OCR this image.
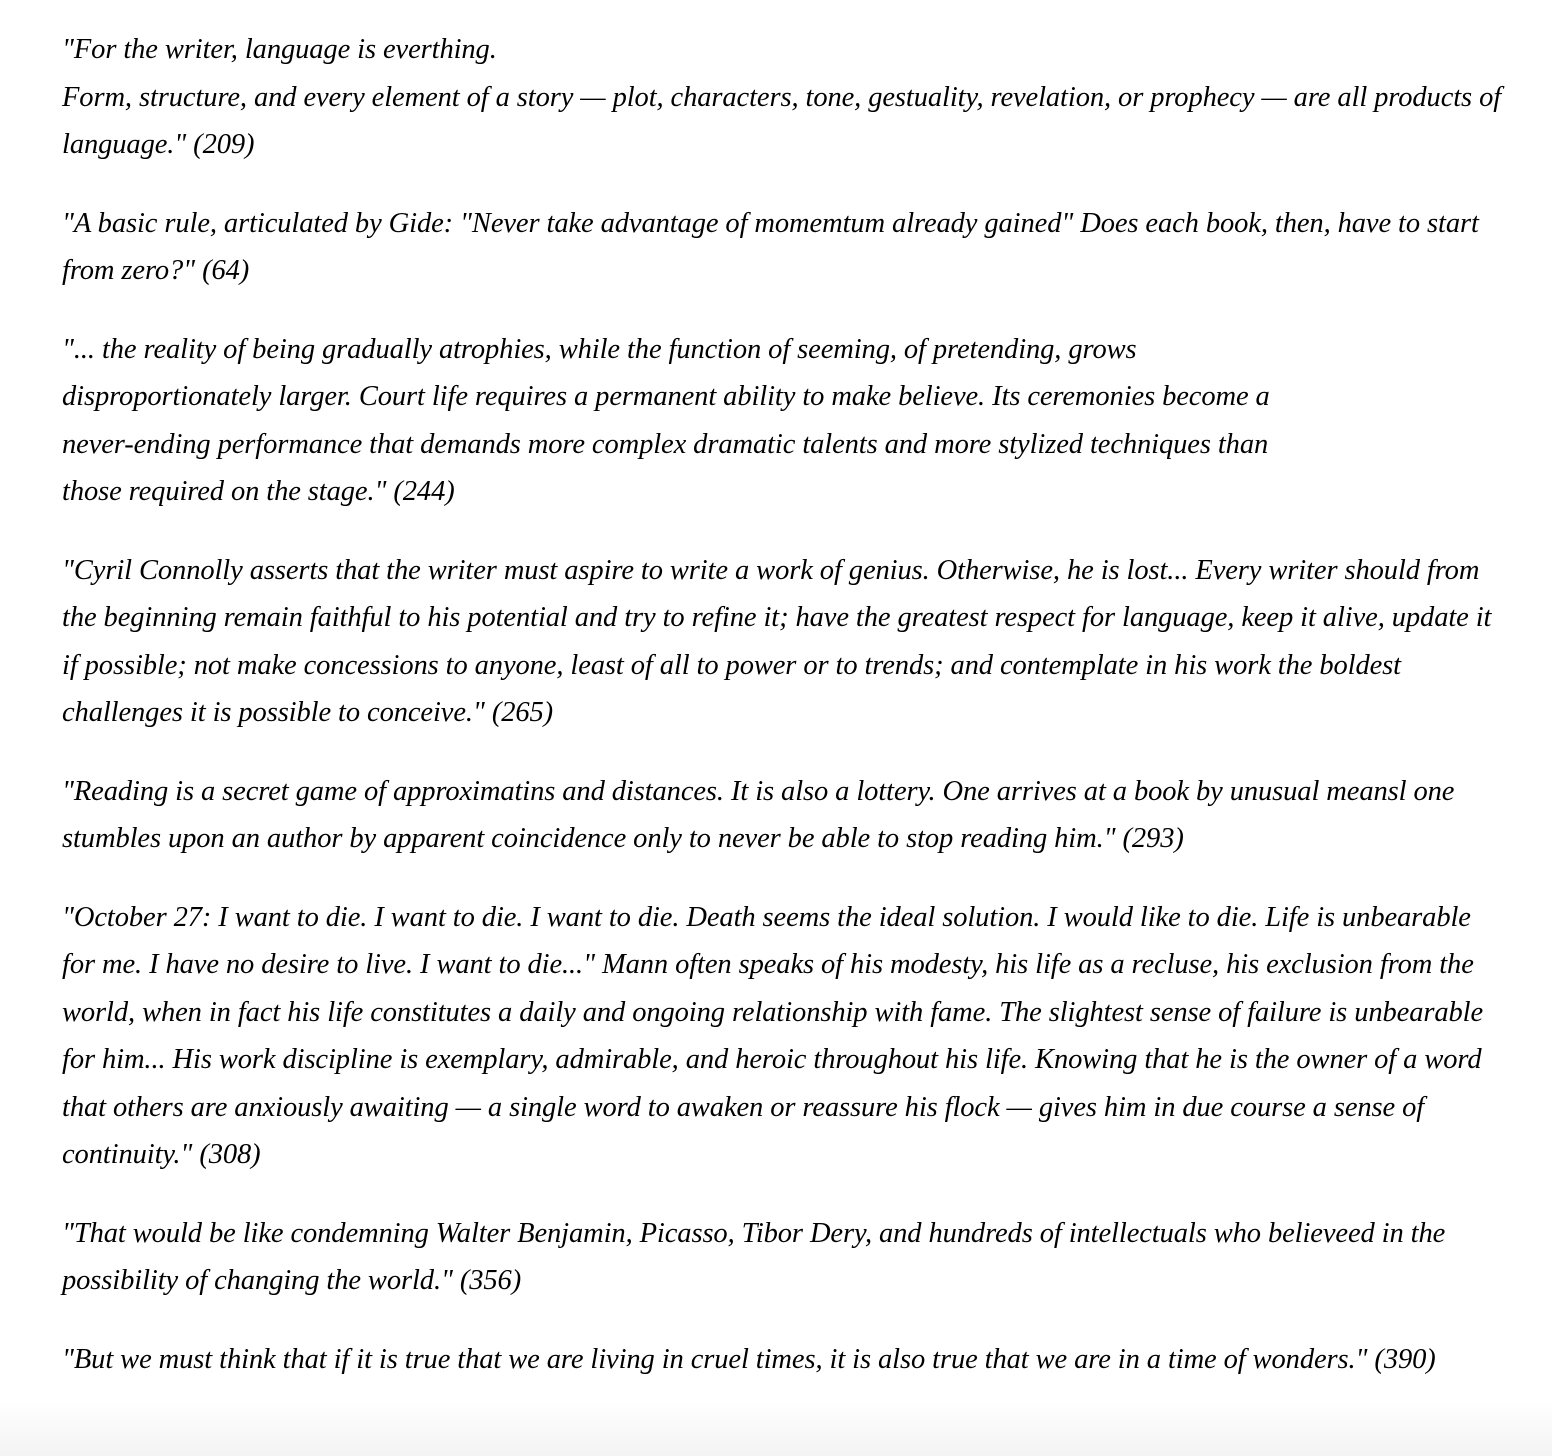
"For the writer, language is everthing.
Form, structure, and every element of a story — plot, characters, tone, gestuality, revelation, or prophecy — are all products of language." (209)

"A basic rule, articulated by Gide: "Never take advantage of momemtum already gained" Does each book, then, have to start from zero?" (64)

"... the reality of being gradually atrophies, while the function of seeming, of pretending, grows
disproportionately larger. Court life requires a permanent ability to make believe. Its ceremonies become a
never-ending performance that demands more complex dramatic talents and more stylized techniques than
those required on the stage." (244)

"Cyril Connolly asserts that the writer must aspire to write a work of genius. Otherwise, he is lost... Every writer should from the beginning remain faithful to his potential and try to refine it; have the greatest respect for language, keep it alive, update it if possible; not make concessions to anyone, least of all to power or to trends; and contemplate in his work the boldest challenges it is possible to conceive." (265)

"Reading is a secret game of approximatins and distances. It is also a lottery. One arrives at a book by unusual meansl one stumbles upon an author by apparent coincidence only to never be able to stop reading him." (293)

"October 27: I want to die. I want to die. I want to die. Death seems the ideal solution. I would like to die. Life is unbearable for me. I have no desire to live. I want to die..." Mann often speaks of his modesty, his life as a recluse, his exclusion from the world, when in fact his life constitutes a daily and ongoing relationship with fame. The slightest sense of failure is unbearable for him... His work discipline is exemplary, admirable, and heroic throughout his life. Knowing that he is the owner of a word that others are anxiously awaiting — a single word to awaken or reassure his flock — gives him in due course a sense of continuity." (308)

"That would be like condemning Walter Benjamin, Picasso, Tibor Dery, and hundreds of intellectuals who believeed in the possibility of changing the world." (356)

"But we must think that if it is true that we are living in cruel times, it is also true that we are in a time of wonders." (390)
